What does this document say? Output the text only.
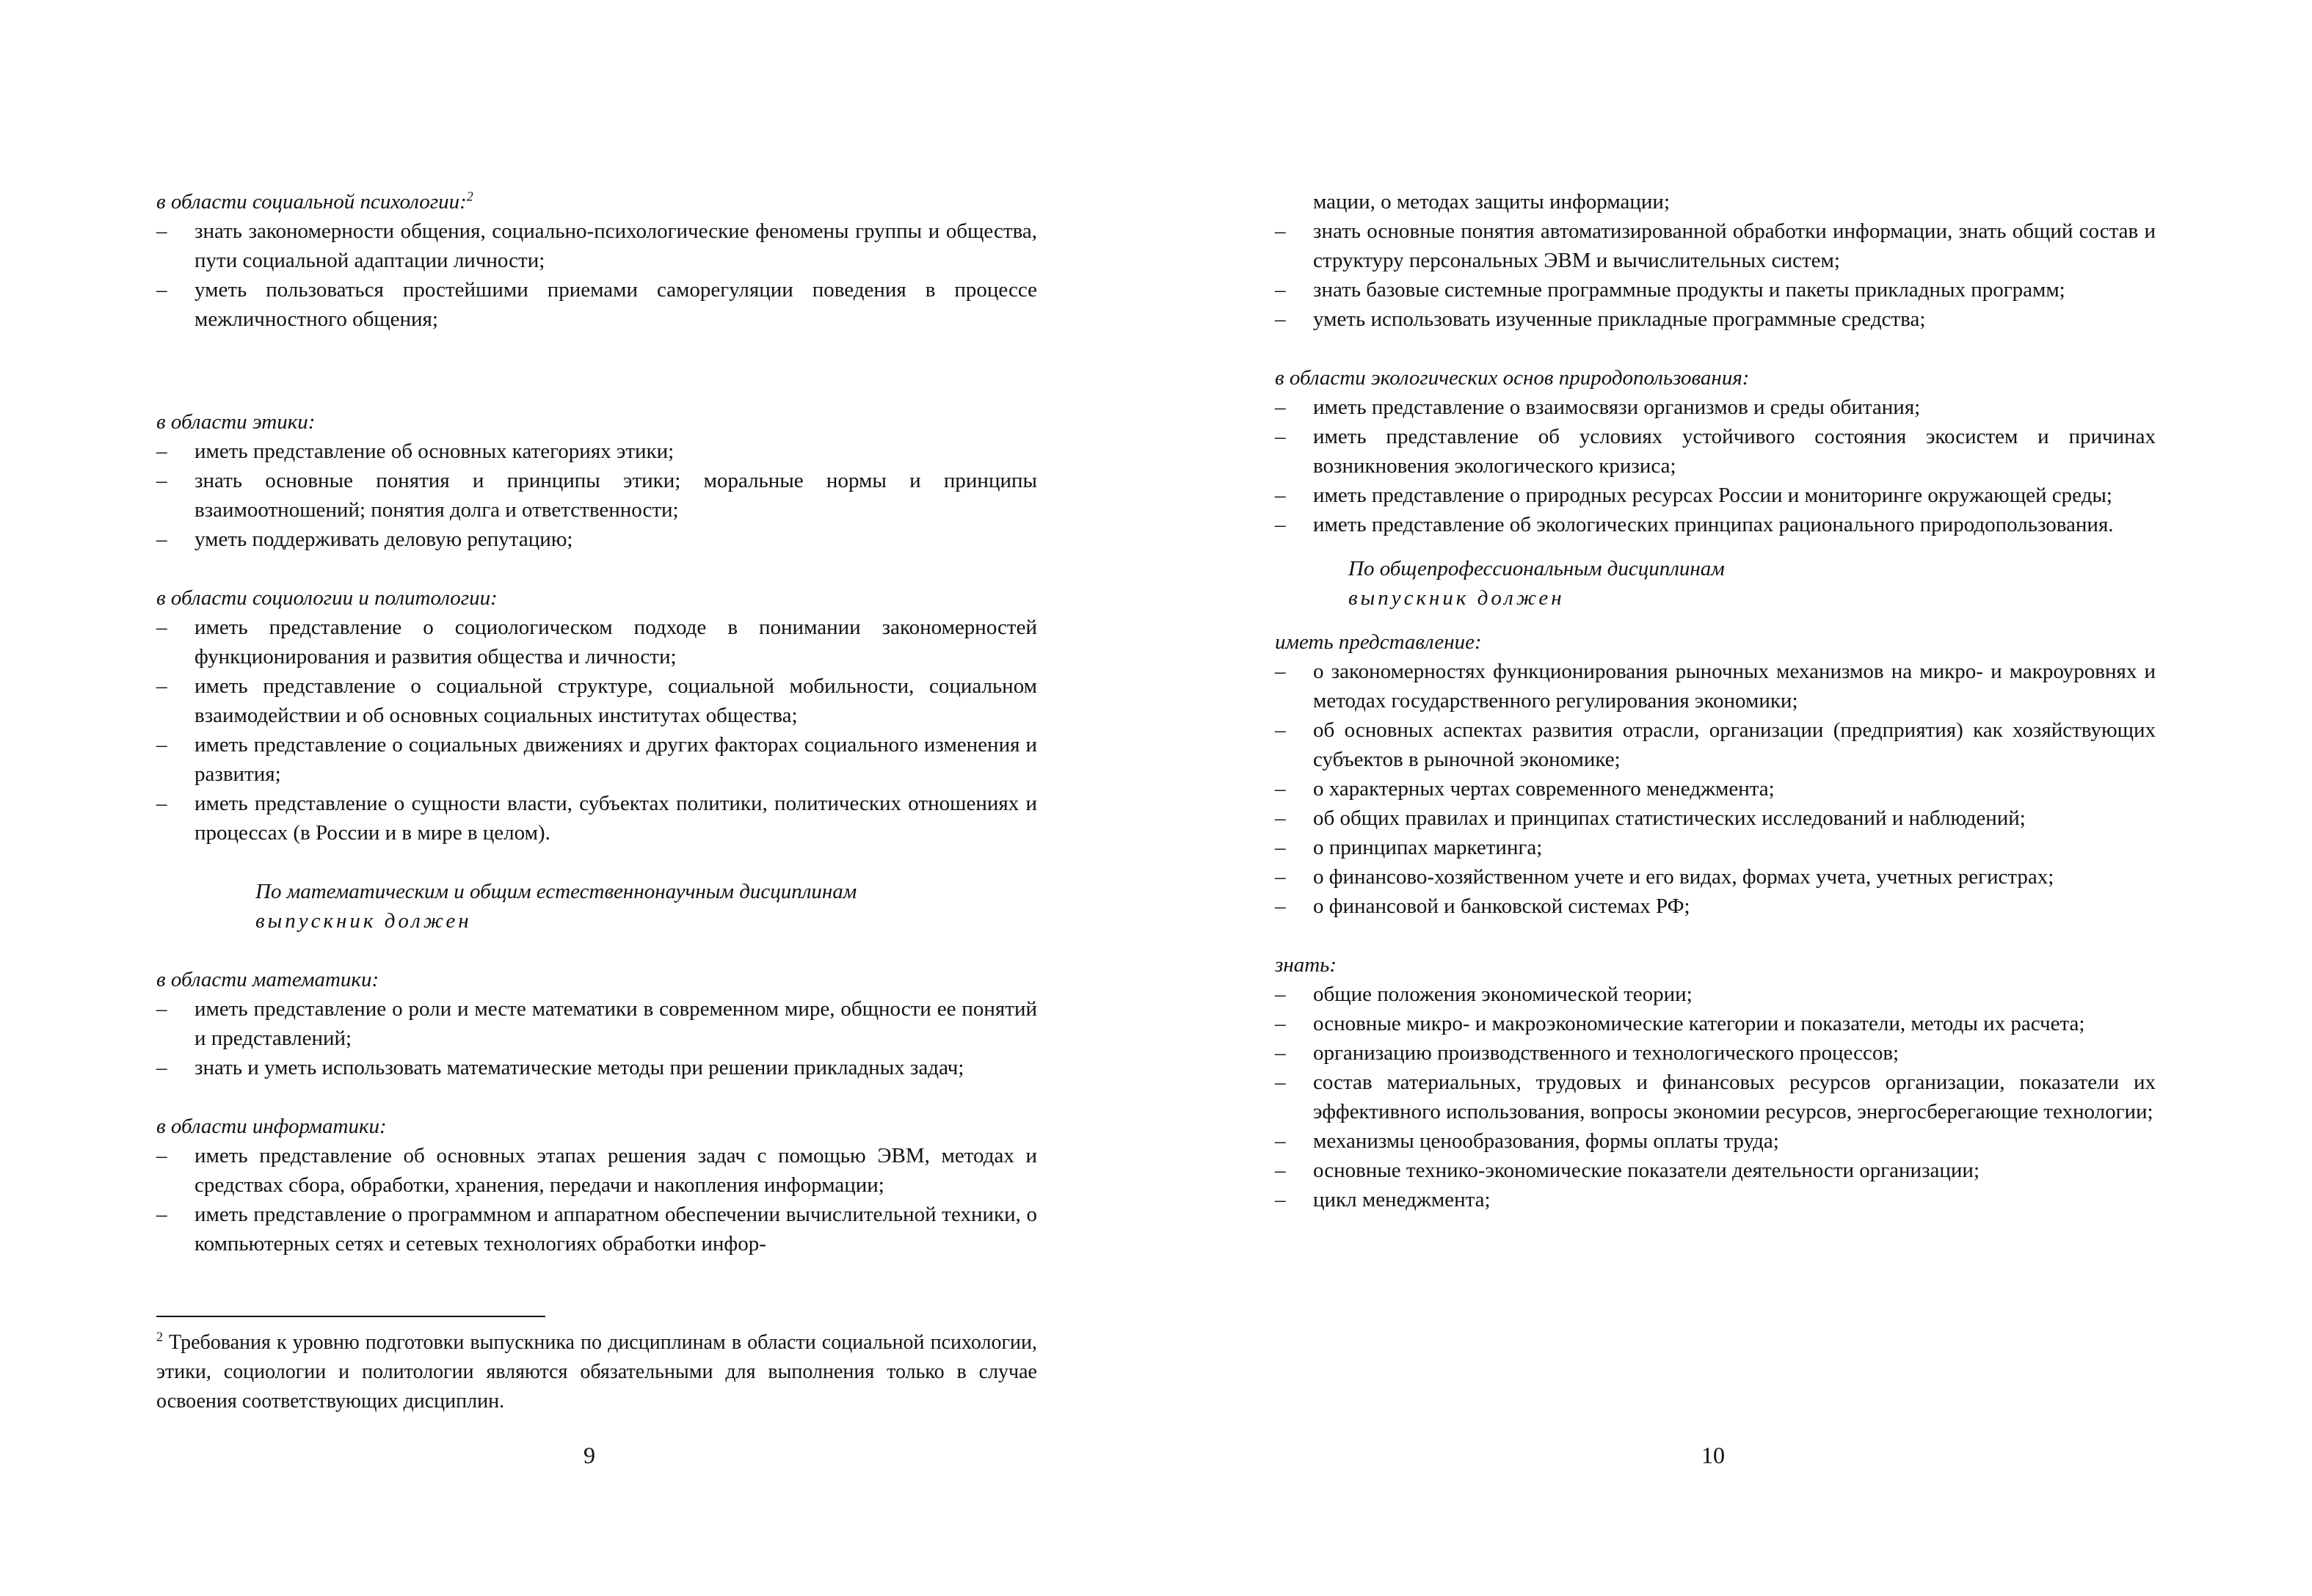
в области социальной психологии:$^2$

– знать закономерности общения, социально-психологические феномены группы и общества, пути социальной адаптации личности;
– уметь пользоваться простейшими приемами саморегуляции поведения в процессе межличностного общения;

в области этики:

– иметь представление об основных категориях этики;
– знать основные понятия и принципы этики; моральные нормы и принципы взаимоотношений; понятия долга и ответственности;
– уметь поддерживать деловую репутацию;

в области социологии и политологии:

– иметь представление о социологическом подходе в понимании закономерностей функционирования и развития общества и личности;
– иметь представление о социальной структуре, социальной мобильности, социальном взаимодействии и об основных социальных институтах общества;
– иметь представление о социальных движениях и других факторах социального изменения и развития;
– иметь представление о сущности власти, субъектах политики, политических отношениях и процессах (в России и в мире в целом).

По математическим и общим естественнонаучным дисциплинам

выпускник должен

в области математики:

– иметь представление о роли и месте математики в современном мире, общности ее понятий и представлений;
– знать и уметь использовать математические методы при решении прикладных задач;

в области информатики:

– иметь представление об основных этапах решения задач с помощью ЭВМ, методах и средствах сбора, обработки, хранения, передачи и накопления информации;
– иметь представление о программном и аппаратном обеспечении вычислительной техники, о компьютерных сетях и сетевых технологиях обработки инфор-
$^2$ Требования к уровню подготовки выпускника по дисциплинам в области социальной психологии, этики, социологии и политологии являются обязательными для выполнения только в случае освоения соответствующих дисциплин.
9

мации, о методах защиты информации;

– знать основные понятия автоматизированной обработки информации, знать общий состав и структуру персональных ЭВМ и вычислительных систем;
– знать базовые системные программные продукты и пакеты прикладных программ;
– уметь использовать изученные прикладные программные средства;

в области экологических основ природопользования:

– иметь представление о взаимосвязи организмов и среды обитания;
– иметь представление об условиях устойчивого состояния экосистем и причинах возникновения экологического кризиса;
– иметь представление о природных ресурсах России и мониторинге окружающей среды;
– иметь представление об экологических принципах рационального природопользования.

По общепрофессиональным дисциплинам

выпускник должен

иметь представление:

– о закономерностях функционирования рыночных механизмов на микро- и макроуровнях и методах государственного регулирования экономики;
– об основных аспектах развития отрасли, организации (предприятия) как хозяйствующих субъектов в рыночной экономике;
– о характерных чертах современного менеджмента;
– об общих правилах и принципах статистических исследований и наблюдений;
– о принципах маркетинга;
– о финансово-хозяйственном учете и его видах, формах учета, учетных регистрах;
– о финансовой и банковской системах РФ;

знать:

– общие положения экономической теории;
– основные микро- и макроэкономические категории и показатели, методы их расчета;
– организацию производственного и технологического процессов;
– состав материальных, трудовых и финансовых ресурсов организации, показатели их эффективного использования, вопросы экономии ресурсов, энергосберегающие технологии;
– механизмы ценообразования, формы оплаты труда;
– основные технико-экономические показатели деятельности организации;
– цикл менеджмента;
10
